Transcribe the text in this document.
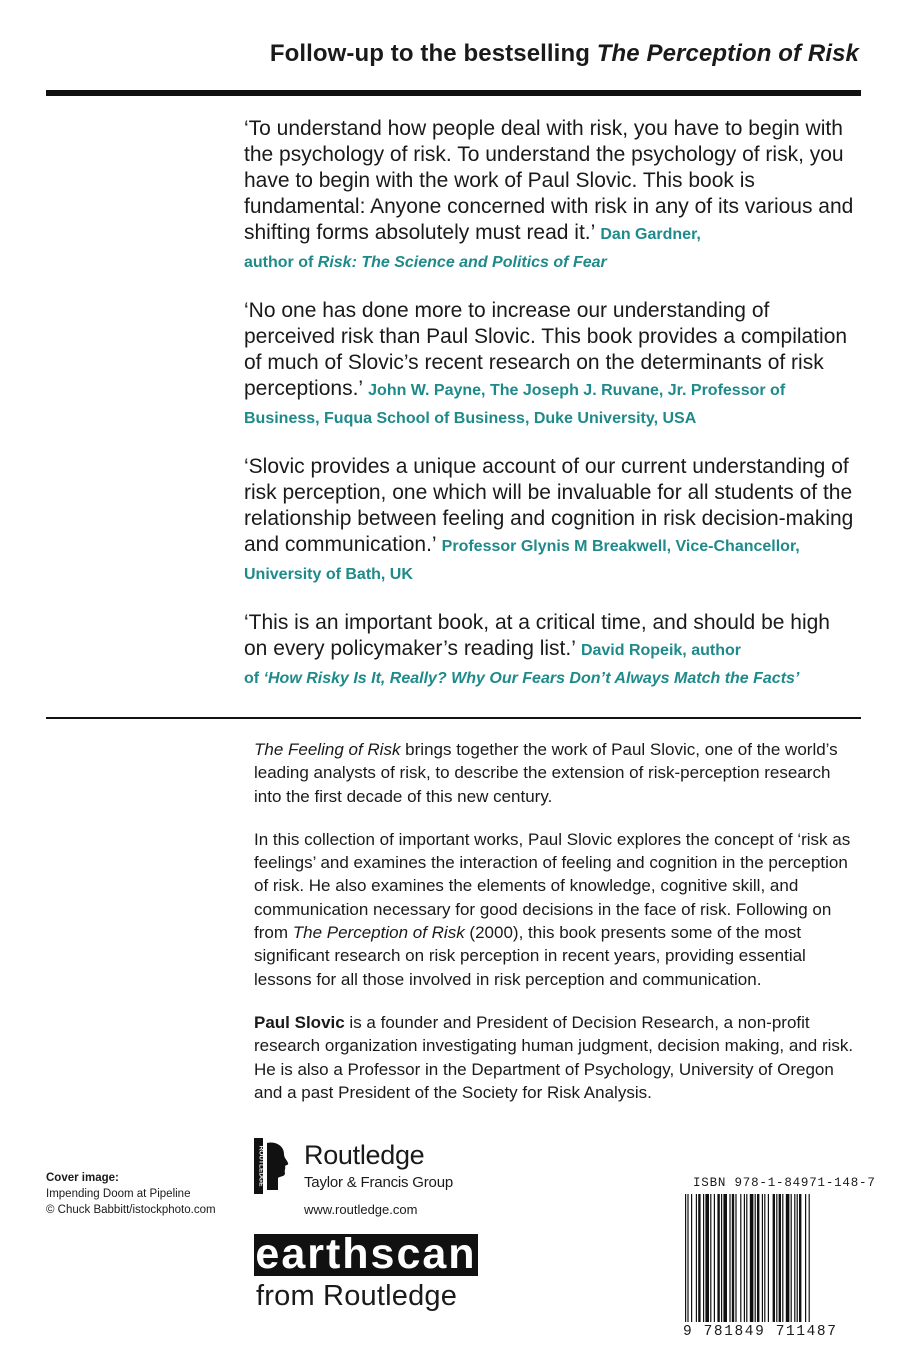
Follow-up to the bestselling The Perception of Risk
‘To understand how people deal with risk, you have to begin with the psychology of risk. To understand the psychology of risk, you have to begin with the work of Paul Slovic. This book is fundamental: Anyone concerned with risk in any of its various and shifting forms absolutely must read it.’ Dan Gardner,
author of Risk: The Science and Politics of Fear
‘No one has done more to increase our understanding of perceived risk than Paul Slovic. This book provides a compilation of much of Slovic’s recent research on the determinants of risk perceptions.’ John W. Payne, The Joseph J. Ruvane, Jr. Professor of Business, Fuqua School of Business, Duke University, USA
‘Slovic provides a unique account of our current understanding of risk perception, one which will be invaluable for all students of the relationship between feeling and cognition in risk decision-making and communication.’ Professor Glynis M Breakwell, Vice-Chancellor, University of Bath, UK
‘This is an important book, at a critical time, and should be high on every policymaker’s reading list.’ David Ropeik, author
of ‘How Risky Is It, Really? Why Our Fears Don’t Always Match the Facts’

The Feeling of Risk brings together the work of Paul Slovic, one of the world’s leading analysts of risk, to describe the extension of risk-perception research into the first decade of this new century.

In this collection of important works, Paul Slovic explores the concept of ‘risk as feelings’ and examines the interaction of feeling and cognition in the perception of risk. He also examines the elements of knowledge, cognitive skill, and communication necessary for good decisions in the face of risk. Following on from The Perception of Risk (2000), this book presents some of the most significant research on risk perception in recent years, providing essential lessons for all those involved in risk perception and communication.

Paul Slovic is a founder and President of Decision Research, a non-profit research organization investigating human judgment, decision making, and risk. He is also a Professor in the Department of Psychology, University of Oregon and a past President of the Society for Risk Analysis.

Cover image:
Impending Doom at Pipeline
© Chuck Babbitt/istockphoto.com
ROUTLEDGE Routledge
Taylor & Francis Group
www.routledge.com
earthscan
from Routledge
ISBN 978-1-84971-148-7
9 781849 711487
